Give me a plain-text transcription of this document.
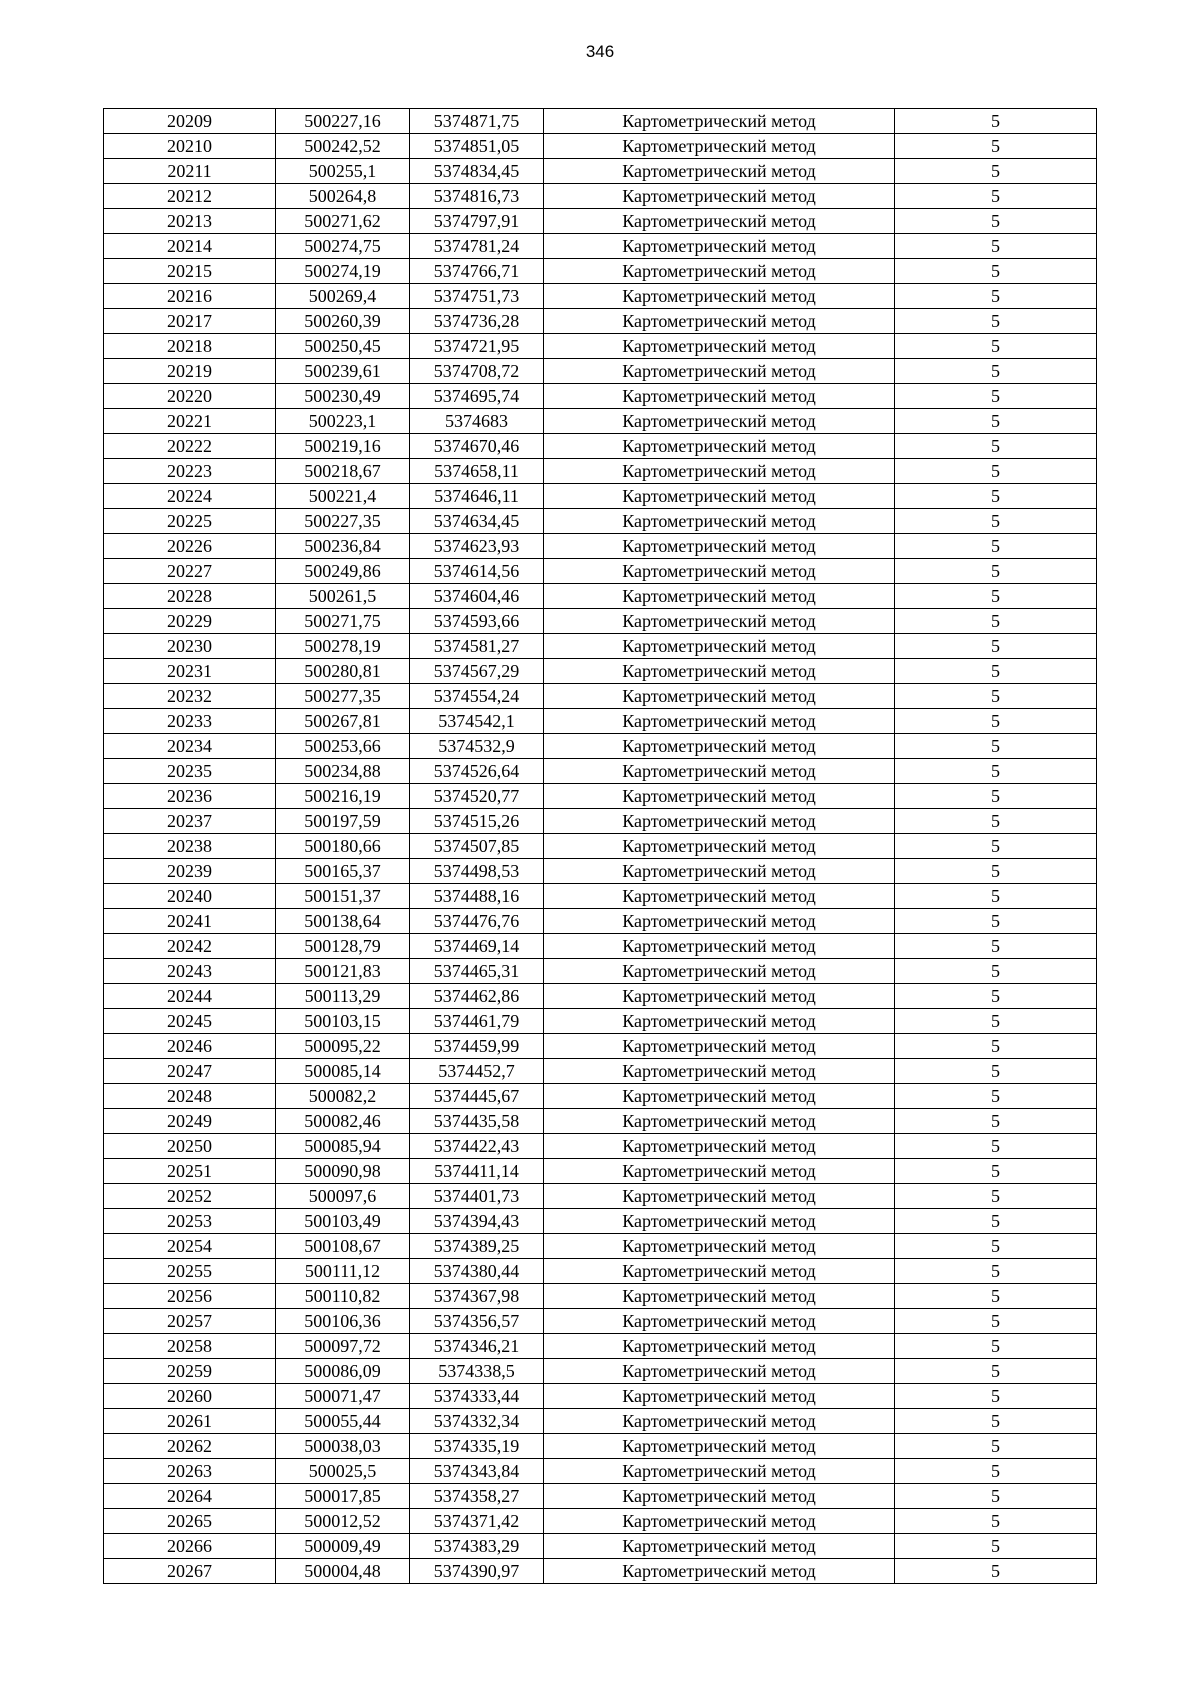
346
20209	500227,16	5374871,75	Картометрический метод	5
20210	500242,52	5374851,05	Картометрический метод	5
20211	500255,1	5374834,45	Картометрический метод	5
20212	500264,8	5374816,73	Картометрический метод	5
20213	500271,62	5374797,91	Картометрический метод	5
20214	500274,75	5374781,24	Картометрический метод	5
20215	500274,19	5374766,71	Картометрический метод	5
20216	500269,4	5374751,73	Картометрический метод	5
20217	500260,39	5374736,28	Картометрический метод	5
20218	500250,45	5374721,95	Картометрический метод	5
20219	500239,61	5374708,72	Картометрический метод	5
20220	500230,49	5374695,74	Картометрический метод	5
20221	500223,1	5374683	Картометрический метод	5
20222	500219,16	5374670,46	Картометрический метод	5
20223	500218,67	5374658,11	Картометрический метод	5
20224	500221,4	5374646,11	Картометрический метод	5
20225	500227,35	5374634,45	Картометрический метод	5
20226	500236,84	5374623,93	Картометрический метод	5
20227	500249,86	5374614,56	Картометрический метод	5
20228	500261,5	5374604,46	Картометрический метод	5
20229	500271,75	5374593,66	Картометрический метод	5
20230	500278,19	5374581,27	Картометрический метод	5
20231	500280,81	5374567,29	Картометрический метод	5
20232	500277,35	5374554,24	Картометрический метод	5
20233	500267,81	5374542,1	Картометрический метод	5
20234	500253,66	5374532,9	Картометрический метод	5
20235	500234,88	5374526,64	Картометрический метод	5
20236	500216,19	5374520,77	Картометрический метод	5
20237	500197,59	5374515,26	Картометрический метод	5
20238	500180,66	5374507,85	Картометрический метод	5
20239	500165,37	5374498,53	Картометрический метод	5
20240	500151,37	5374488,16	Картометрический метод	5
20241	500138,64	5374476,76	Картометрический метод	5
20242	500128,79	5374469,14	Картометрический метод	5
20243	500121,83	5374465,31	Картометрический метод	5
20244	500113,29	5374462,86	Картометрический метод	5
20245	500103,15	5374461,79	Картометрический метод	5
20246	500095,22	5374459,99	Картометрический метод	5
20247	500085,14	5374452,7	Картометрический метод	5
20248	500082,2	5374445,67	Картометрический метод	5
20249	500082,46	5374435,58	Картометрический метод	5
20250	500085,94	5374422,43	Картометрический метод	5
20251	500090,98	5374411,14	Картометрический метод	5
20252	500097,6	5374401,73	Картометрический метод	5
20253	500103,49	5374394,43	Картометрический метод	5
20254	500108,67	5374389,25	Картометрический метод	5
20255	500111,12	5374380,44	Картометрический метод	5
20256	500110,82	5374367,98	Картометрический метод	5
20257	500106,36	5374356,57	Картометрический метод	5
20258	500097,72	5374346,21	Картометрический метод	5
20259	500086,09	5374338,5	Картометрический метод	5
20260	500071,47	5374333,44	Картометрический метод	5
20261	500055,44	5374332,34	Картометрический метод	5
20262	500038,03	5374335,19	Картометрический метод	5
20263	500025,5	5374343,84	Картометрический метод	5
20264	500017,85	5374358,27	Картометрический метод	5
20265	500012,52	5374371,42	Картометрический метод	5
20266	500009,49	5374383,29	Картометрический метод	5
20267	500004,48	5374390,97	Картометрический метод	5
